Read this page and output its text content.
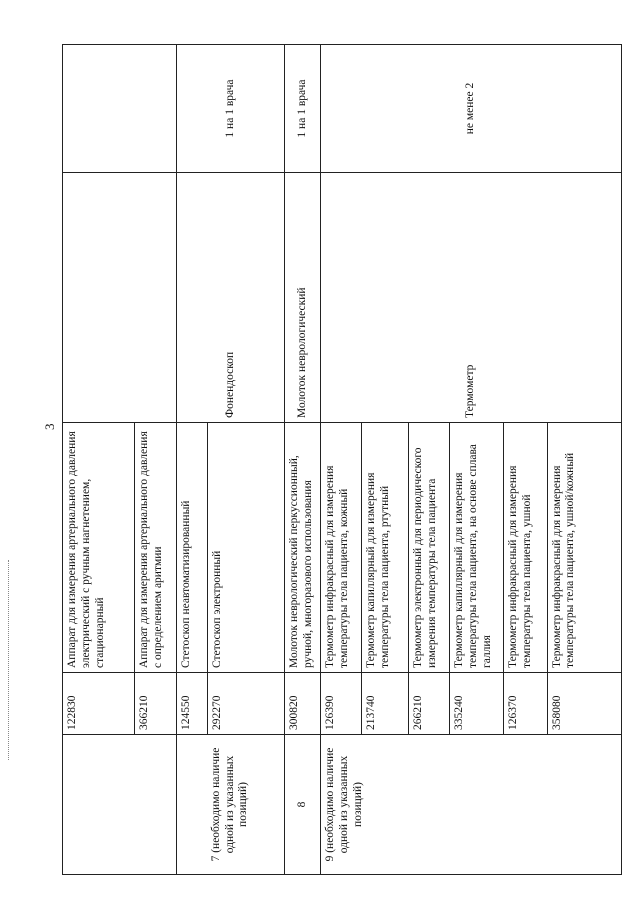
3
	122830	Аппарат для измерения артериального давления электрический с ручным нагнетением, стационарный		
	366210	Аппарат для измерения артериального давления с определением аритмии		
7 (необходимо наличие одной из указанных позиций)	124550	Стетоскоп неавтоматизированный	Фонендоскоп	1 на 1 врача
	292270	Стетоскоп электронный		
8	300820	Молоток неврологический перкуссионный, ручной, многоразового использования	Молоток неврологический	1 на 1 врача
9 (необходимо наличие одной из указанных позиций)	126390	Термометр инфракрасный для измерения температуры тела пациента, кожный	Термометр	не менее 2
	213740	Термометр капиллярный для измерения температуры тела пациента, ртутный		
	266210	Термометр электронный для периодического измерения температуры тела пациента		
	335240	Термометр капиллярный для измерения температуры тела пациента, на основе сплава галлия		
	126370	Термометр инфракрасный для измерения температуры тела пациента, ушной		
	358080	Термометр инфракрасный для измерения температуры тела пациента, ушной/кожный		
